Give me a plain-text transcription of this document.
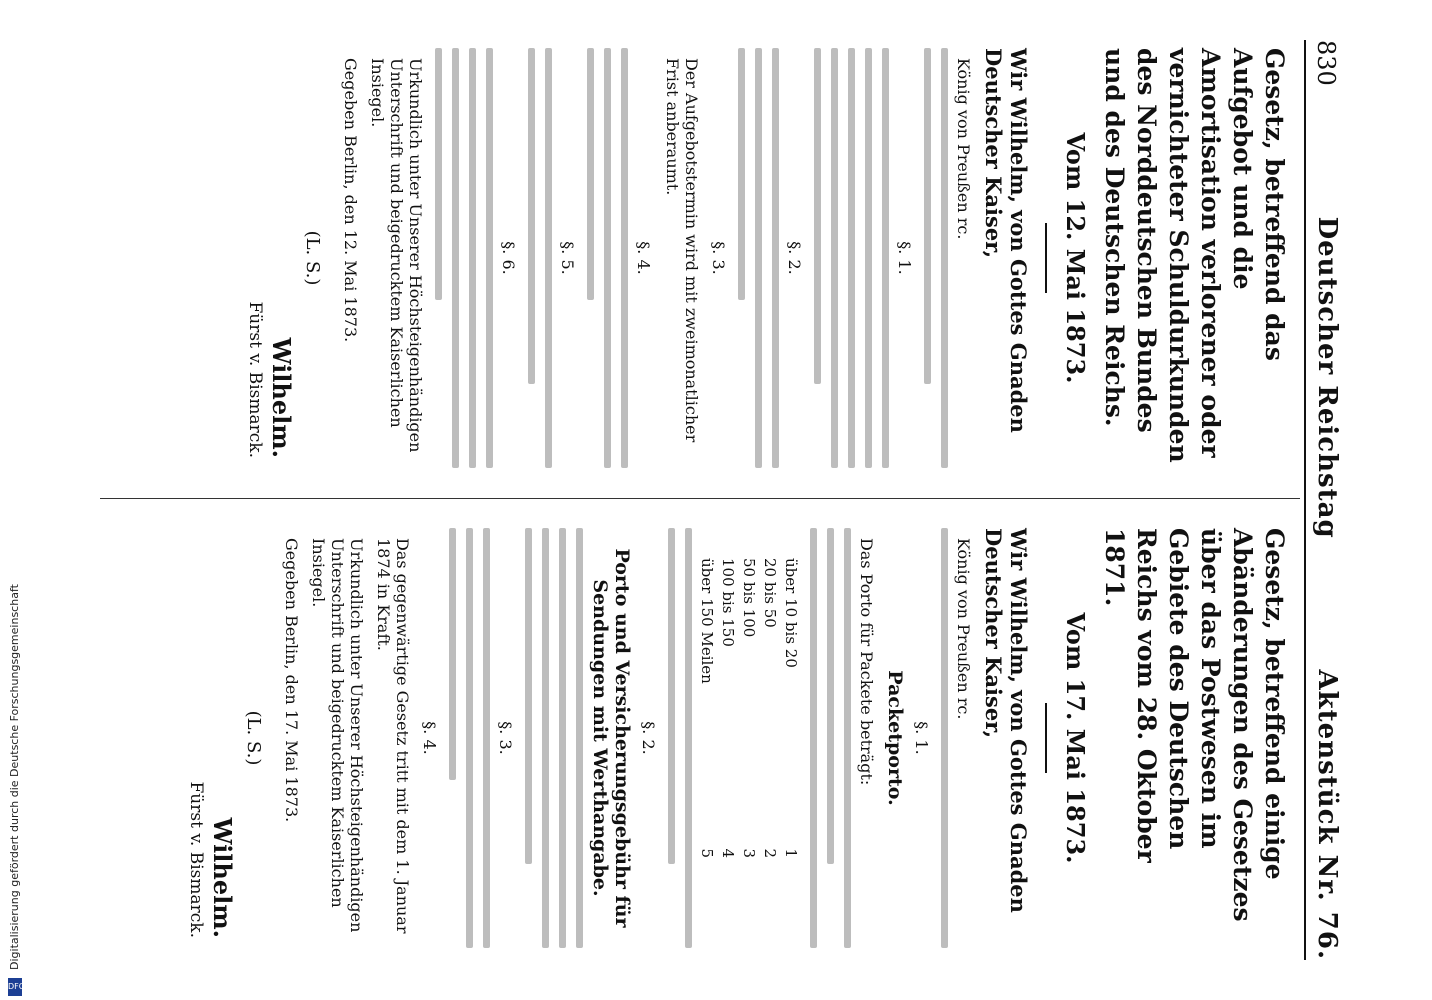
830
Deutscher Reichstag
Aktenstück Nr. 76.
Gesetz, betreffend das Aufgebot und die Amortisation verlorener oder vernichteter Schuldurkunden des Norddeutschen Bundes und des Deutschen Reichs.
Vom 12. Mai 1873.
Wir Wilhelm, von Gottes Gnaden Deutscher Kaiser,
König von Preußen rc.
§. 1.
§. 2.
§. 3.
Der Aufgebotstermin wird mit zweimonatlicher Frist anberaumt.
§. 4.
§. 5.
§. 6.
Urkundlich unter Unserer Höchsteigenhändigen Unterschrift und beigedrucktem Kaiserlichen Insiegel.
Gegeben Berlin, den 12. Mai 1873.
(L. S.)
Wilhelm.
Fürst v. Bismarck.
Gesetz, betreffend einige Abänderungen des Gesetzes über das Postwesen im Gebiete des Deutschen Reichs vom 28. Oktober 1871.
Vom 17. Mai 1873.
Wir Wilhelm, von Gottes Gnaden Deutscher Kaiser,
König von Preußen rc.
§. 1.
Packetporto.
Das Porto für Packete beträgt:
über 10 bis 20
1
20 bis 50
2
50 bis 100
3
100 bis 150
4
über 150 Meilen
5
§. 2.
Porto und Versicherungsgebühr für Sendungen mit Werthangabe.
§. 3.
§. 4.
Das gegenwärtige Gesetz tritt mit dem 1. Januar 1874 in Kraft.
Urkundlich unter Unserer Höchsteigenhändigen Unterschrift und beigedrucktem Kaiserlichen Insiegel.
Gegeben Berlin, den 17. Mai 1873.
(L. S.)
Wilhelm.
Fürst v. Bismarck.
Digitalisierung gefördert durch die Deutsche Forschungsgemeinschaft
DFG
